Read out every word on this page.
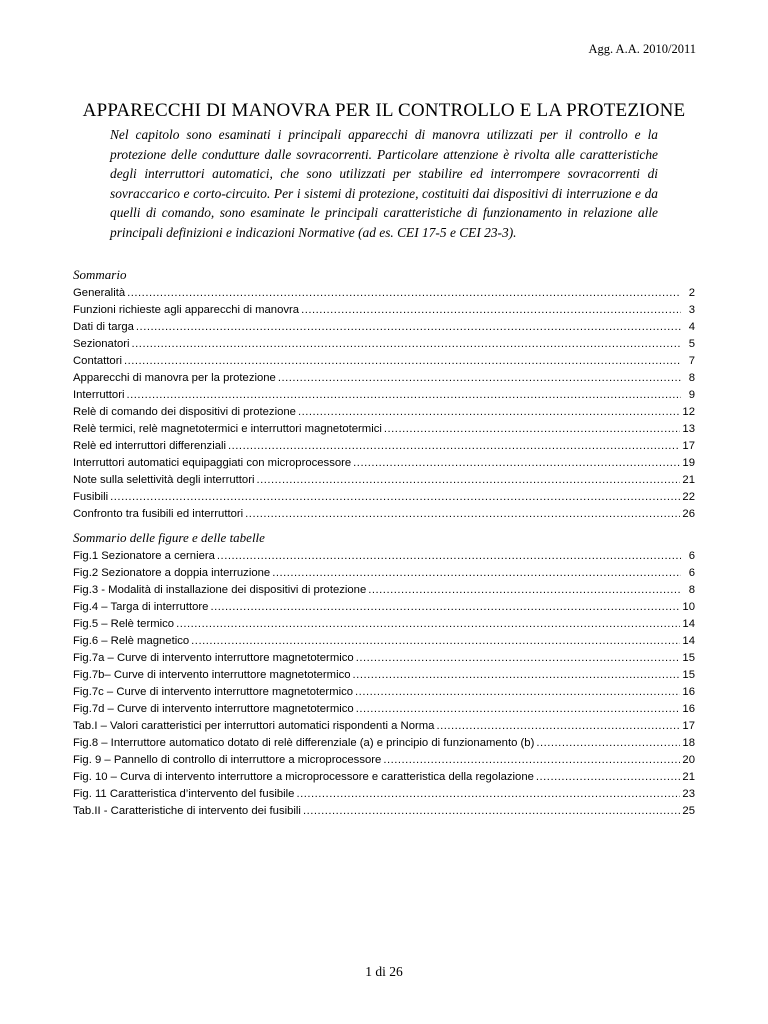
Agg. A.A. 2010/2011
APPARECCHI DI MANOVRA PER IL CONTROLLO E LA PROTEZIONE

Nel capitolo sono esaminati i principali apparecchi di manovra utilizzati per il controllo e la protezione delle condutture dalle sovracorrenti. Particolare attenzione è rivolta alle caratteristiche degli interruttori automatici, che sono utilizzati per stabilire ed interrompere sovracorrenti di sovraccarico e corto-circuito. Per i sistemi di protezione, costituiti dai dispositivi di interruzione e da quelli di comando, sono esaminate le principali caratteristiche di funzionamento in relazione alle principali definizioni e indicazioni Normative (ad es. CEI 17-5 e CEI 23-3).

Sommario
Generalità .....	2
Funzioni richieste agli apparecchi di manovra .....	3
Dati di targa .....	4
Sezionatori .....	5
Contattori .....	7
Apparecchi di manovra per la protezione .....	8
Interruttori .....	9
Relè di comando dei dispositivi di protezione .....	12
Relè termici, relè magnetotermici e interruttori magnetotermici .....	13
Relè ed interruttori differenziali .....	17
Interruttori automatici equipaggiati con microprocessore .....	19
Note sulla selettività degli interruttori .....	21
Fusibili .....	22
Confronto tra fusibili ed interruttori .....	26
Sommario delle figure e delle tabelle
Fig.1 Sezionatore a cerniera .....	6
Fig.2 Sezionatore a doppia interruzione .....	6
Fig.3 - Modalità di installazione dei dispositivi di protezione .....	8
Fig.4 – Targa di interruttore .....	10
Fig.5 – Relè termico .....	14
Fig.6 – Relè magnetico .....	14
Fig.7a – Curve di intervento interruttore magnetotermico .....	15
Fig.7b– Curve di intervento interruttore magnetotermico .....	15
Fig.7c – Curve di intervento interruttore magnetotermico .....	16
Fig.7d – Curve di intervento interruttore magnetotermico .....	16
Tab.I – Valori caratteristici per interruttori automatici rispondenti a Norma .....	17
Fig.8 – Interruttore automatico dotato di relè differenziale (a) e principio di funzionamento (b) .....	18
Fig. 9 – Pannello di controllo di interruttore a microprocessore .....	20
Fig. 10 – Curva di intervento interruttore a microprocessore e caratteristica della regolazione .....	21
Fig. 11 Caratteristica d’intervento del fusibile .....	23
Tab.II - Caratteristiche di intervento dei fusibili .....	25
1 di 26
